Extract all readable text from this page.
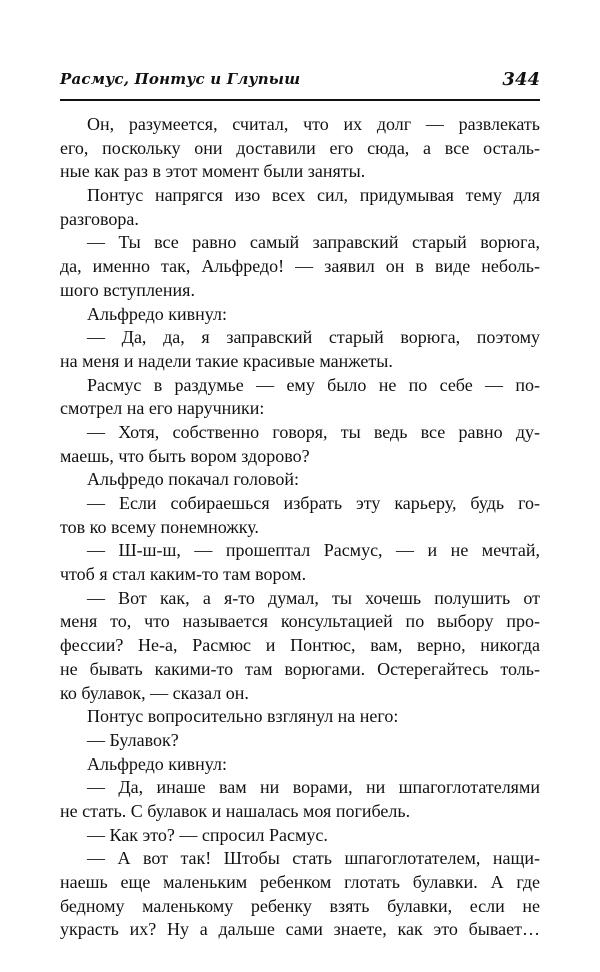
Расмус, Понтус и Глупыш	344
Он, разумеется, считал, что их долг — развлекать
его, поскольку они доставили его сюда, а все осталь-
ные как раз в этот момент были заняты.
Понтус напрягся изо всех сил, придумывая тему для
разговора.
— Ты все равно самый заправский старый ворюга,
да, именно так, Альфредо! — заявил он в виде неболь-
шого вступления.
Альфредо кивнул:
— Да, да, я заправский старый ворюга, поэтому
на меня и надели такие красивые манжеты.
Расмус в раздумье — ему было не по себе — по-
смотрел на его наручники:
— Хотя, собственно говоря, ты ведь все равно ду-
маешь, что быть вором здорово?
Альфредо покачал головой:
— Если собираешься избрать эту карьеру, будь го-
тов ко всему понемножку.
— Ш-ш-ш, — прошептал Расмус, — и не мечтай,
чтоб я стал каким-то там вором.
— Вот как, а я-то думал, ты хочешь полушить от
меня то, что называется консультацией по выбору про-
фессии? Не-а, Расмюс и Понтюс, вам, верно, никогда
не бывать какими-то там ворюгами. Остерегайтесь толь-
ко булавок, — сказал он.
Понтус вопросительно взглянул на него:
— Булавок?
Альфредо кивнул:
— Да, инаше вам ни ворами, ни шпагоглотателями
не стать. С булавок и нашалась моя погибель.
— Как это? — спросил Расмус.
— А вот так! Штобы стать шпагоглотателем, нащи-
наешь еще маленьким ребенком глотать булавки. А где
бедному маленькому ребенку взять булавки, если не
украсть их? Ну а дальше сами знаете, как это бывает…
